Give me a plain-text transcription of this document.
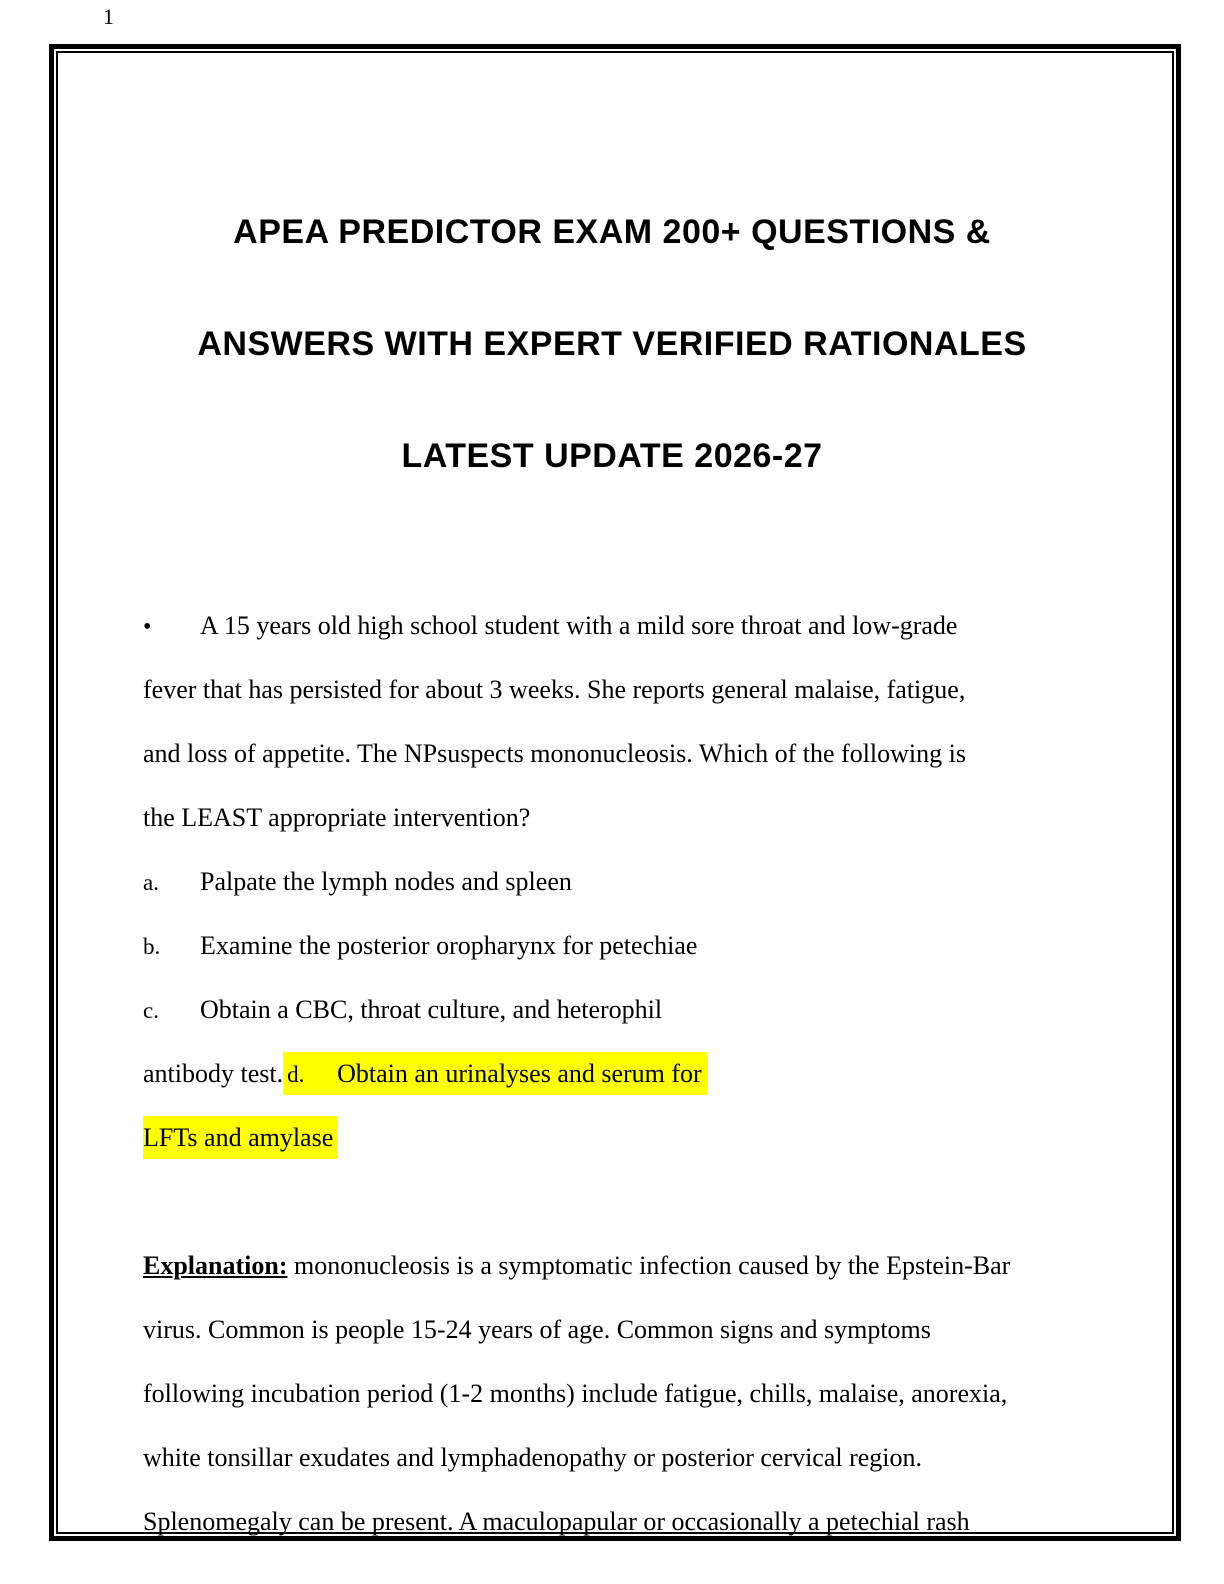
1
APEA PREDICTOR EXAM 200+ QUESTIONS &
ANSWERS WITH EXPERT VERIFIED RATIONALES
LATEST UPDATE 2026-27
• A 15 years old high school student with a mild sore throat and low-grade
fever that has persisted for about 3 weeks. She reports general malaise, fatigue,
and loss of appetite. The NPsuspects mononucleosis. Which of the following is
the LEAST appropriate intervention?
a. Palpate the lymph nodes and spleen
b. Examine the posterior oropharynx for petechiae
c. Obtain a CBC, throat culture, and heterophil
antibody test. d. Obtain an urinalyses and serum for
LFTs and amylase
Explanation: mononucleosis is a symptomatic infection caused by the Epstein-Bar
virus. Common is people 15-24 years of age. Common signs and symptoms
following incubation period (1-2 months) include fatigue, chills, malaise, anorexia,
white tonsillar exudates and lymphadenopathy or posterior cervical region.
Splenomegaly can be present. A maculopapular or occasionally a petechial rash
